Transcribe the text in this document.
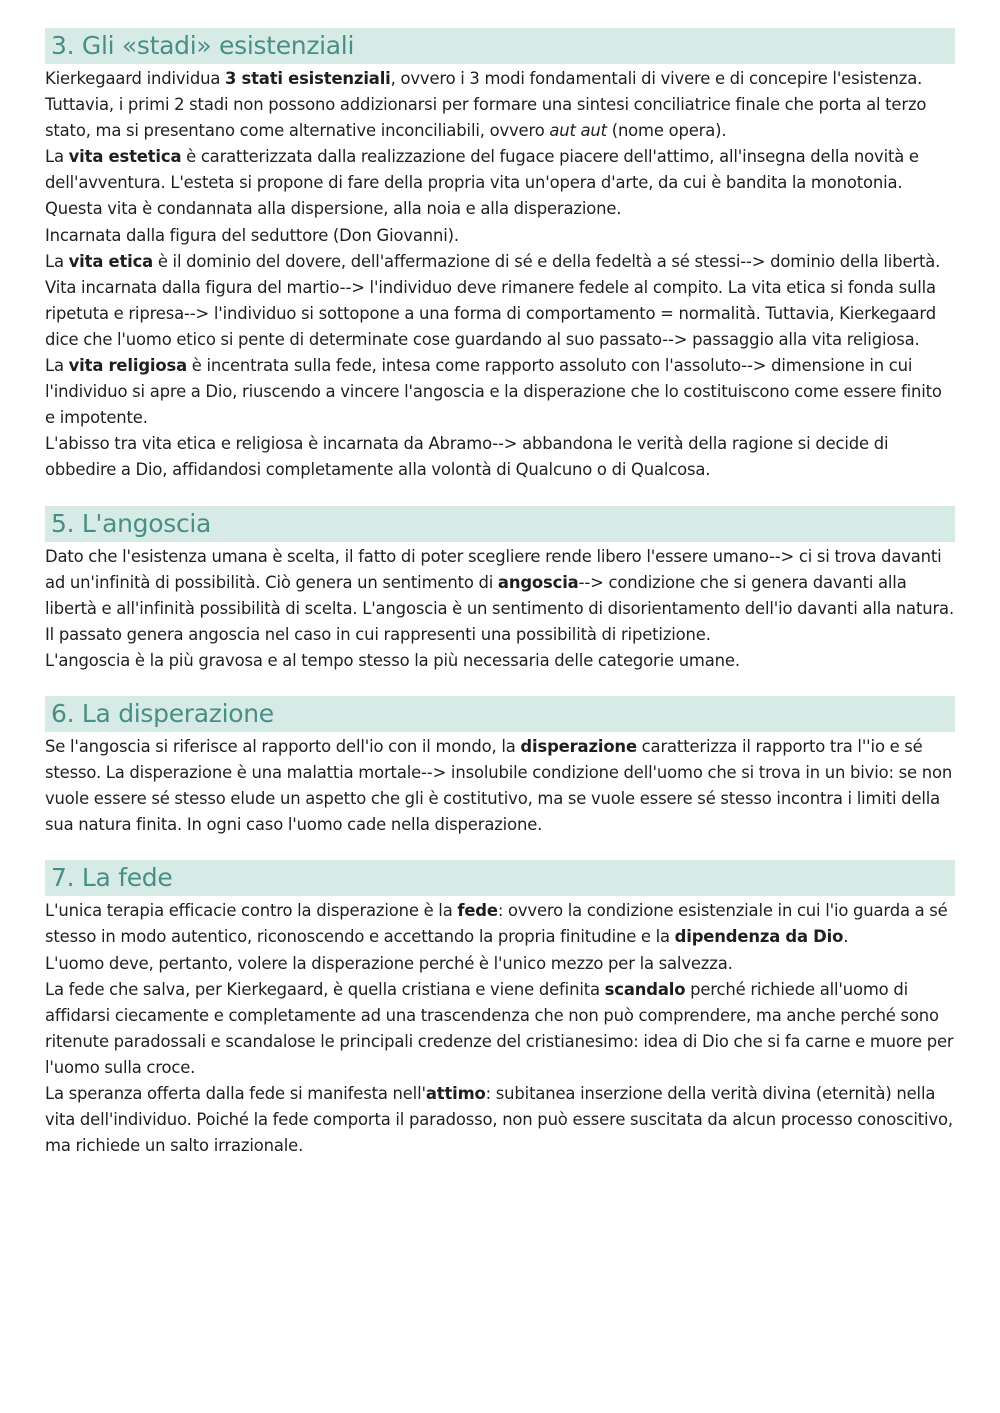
3. Gli «stadi» esistenziali

Kierkegaard individua 3 stati esistenziali, ovvero i 3 modi fondamentali di vivere e di concepire l'esistenza. Tuttavia, i primi 2 stadi non possono addizionarsi per formare una sintesi conciliatrice finale che porta al terzo stato, ma si presentano come alternative inconciliabili, ovvero aut aut (nome opera).

La vita estetica è caratterizzata dalla realizzazione del fugace piacere dell'attimo, all'insegna della novità e dell'avventura. L'esteta si propone di fare della propria vita un'opera d'arte, da cui è bandita la monotonia. Questa vita è condannata alla dispersione, alla noia e alla disperazione.

Incarnata dalla figura del seduttore (Don Giovanni).

La vita etica è il dominio del dovere, dell'affermazione di sé e della fedeltà a sé stessi--> dominio della libertà. Vita incarnata dalla figura del martio--> l'individuo deve rimanere fedele al compito. La vita etica si fonda sulla ripetuta e ripresa--> l'individuo si sottopone a una forma di comportamento = normalità. Tuttavia, Kierkegaard dice che l'uomo etico si pente di determinate cose guardando al suo passato--> passaggio alla vita religiosa.

La vita religiosa è incentrata sulla fede, intesa come rapporto assoluto con l'assoluto--> dimensione in cui l'individuo si apre a Dio, riuscendo a vincere l'angoscia e la disperazione che lo costituiscono come essere finito e impotente.

L'abisso tra vita etica e religiosa è incarnata da Abramo--> abbandona le verità della ragione si decide di obbedire a Dio, affidandosi completamente alla volontà di Qualcuno o di Qualcosa.

5. L'angoscia

Dato che l'esistenza umana è scelta, il fatto di poter scegliere rende libero l'essere umano--> ci si trova davanti ad un'infinità di possibilità. Ciò genera un sentimento di angoscia--> condizione che si genera davanti alla libertà e all'infinità possibilità di scelta. L'angoscia è un sentimento di disorientamento dell'io davanti alla natura.

Il passato genera angoscia nel caso in cui rappresenti una possibilità di ripetizione.

L'angoscia è la più gravosa e al tempo stesso la più necessaria delle categorie umane.

6. La disperazione

Se l'angoscia si riferisce al rapporto dell'io con il mondo, la disperazione caratterizza il rapporto tra l''io e sé stesso. La disperazione è una malattia mortale--> insolubile condizione dell'uomo che si trova in un bivio: se non vuole essere sé stesso elude un aspetto che gli è costitutivo, ma se vuole essere sé stesso incontra i limiti della sua natura finita. In ogni caso l'uomo cade nella disperazione.

7. La fede

L'unica terapia efficacie contro la disperazione è la fede: ovvero la condizione esistenziale in cui l'io guarda a sé stesso in modo autentico, riconoscendo e accettando la propria finitudine e la dipendenza da Dio.

L'uomo deve, pertanto, volere la disperazione perché è l'unico mezzo per la salvezza.

La fede che salva, per Kierkegaard, è quella cristiana e viene definita scandalo perché richiede all'uomo di affidarsi ciecamente e completamente ad una trascendenza che non può comprendere, ma anche perché sono ritenute paradossali e scandalose le principali credenze del cristianesimo: idea di Dio che si fa carne e muore per l'uomo sulla croce.

La speranza offerta dalla fede si manifesta nell'attimo: subitanea inserzione della verità divina (eternità) nella vita dell'individuo. Poiché la fede comporta il paradosso, non può essere suscitata da alcun processo conoscitivo, ma richiede un salto irrazionale.
